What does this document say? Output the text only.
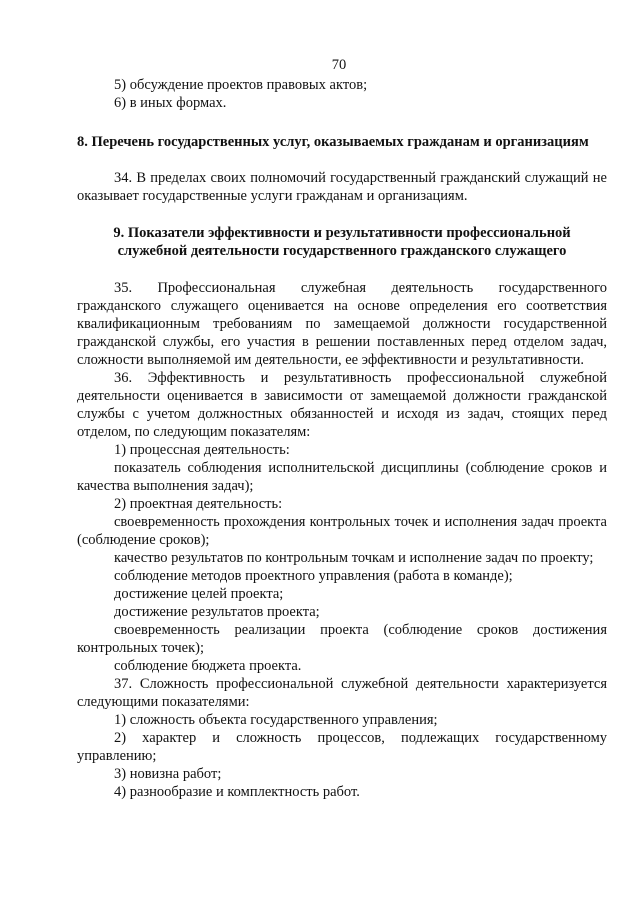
70

5) обсуждение проектов правовых актов;

6) в иных формах.

8. Перечень государственных услуг, оказываемых гражданам и организациям

34. В пределах своих полномочий государственный гражданский служащий не оказывает государственные услуги гражданам и организациям.

9. Показатели эффективности и результативности профессиональной

служебной деятельности государственного гражданского служащего

35. Профессиональная служебная деятельность государственного гражданского служащего оценивается на основе определения его соответствия квалификационным требованиям по замещаемой должности государственной гражданской службы, его участия в решении поставленных перед отделом задач, сложности выполняемой им деятельности, ее эффективности и результативности.

36. Эффективность и результативность профессиональной служебной деятельности оценивается в зависимости от замещаемой должности гражданской службы с учетом должностных обязанностей и исходя из задач, стоящих перед отделом, по следующим показателям:

1) процессная деятельность:

показатель соблюдения исполнительской дисциплины (соблюдение сроков и качества выполнения задач);

2) проектная деятельность:

своевременность прохождения контрольных точек и исполнения задач проекта (соблюдение сроков);

качество результатов по контрольным точкам и исполнение задач по проекту;

соблюдение методов проектного управления (работа в команде);

достижение целей проекта;

достижение результатов проекта;

своевременность реализации проекта (соблюдение сроков достижения контрольных точек);

соблюдение бюджета проекта.

37. Сложность профессиональной служебной деятельности характеризуется следующими показателями:

1) сложность объекта государственного управления;

2) характер и сложность процессов, подлежащих государственному управлению;

3) новизна работ;

4) разнообразие и комплектность работ.
